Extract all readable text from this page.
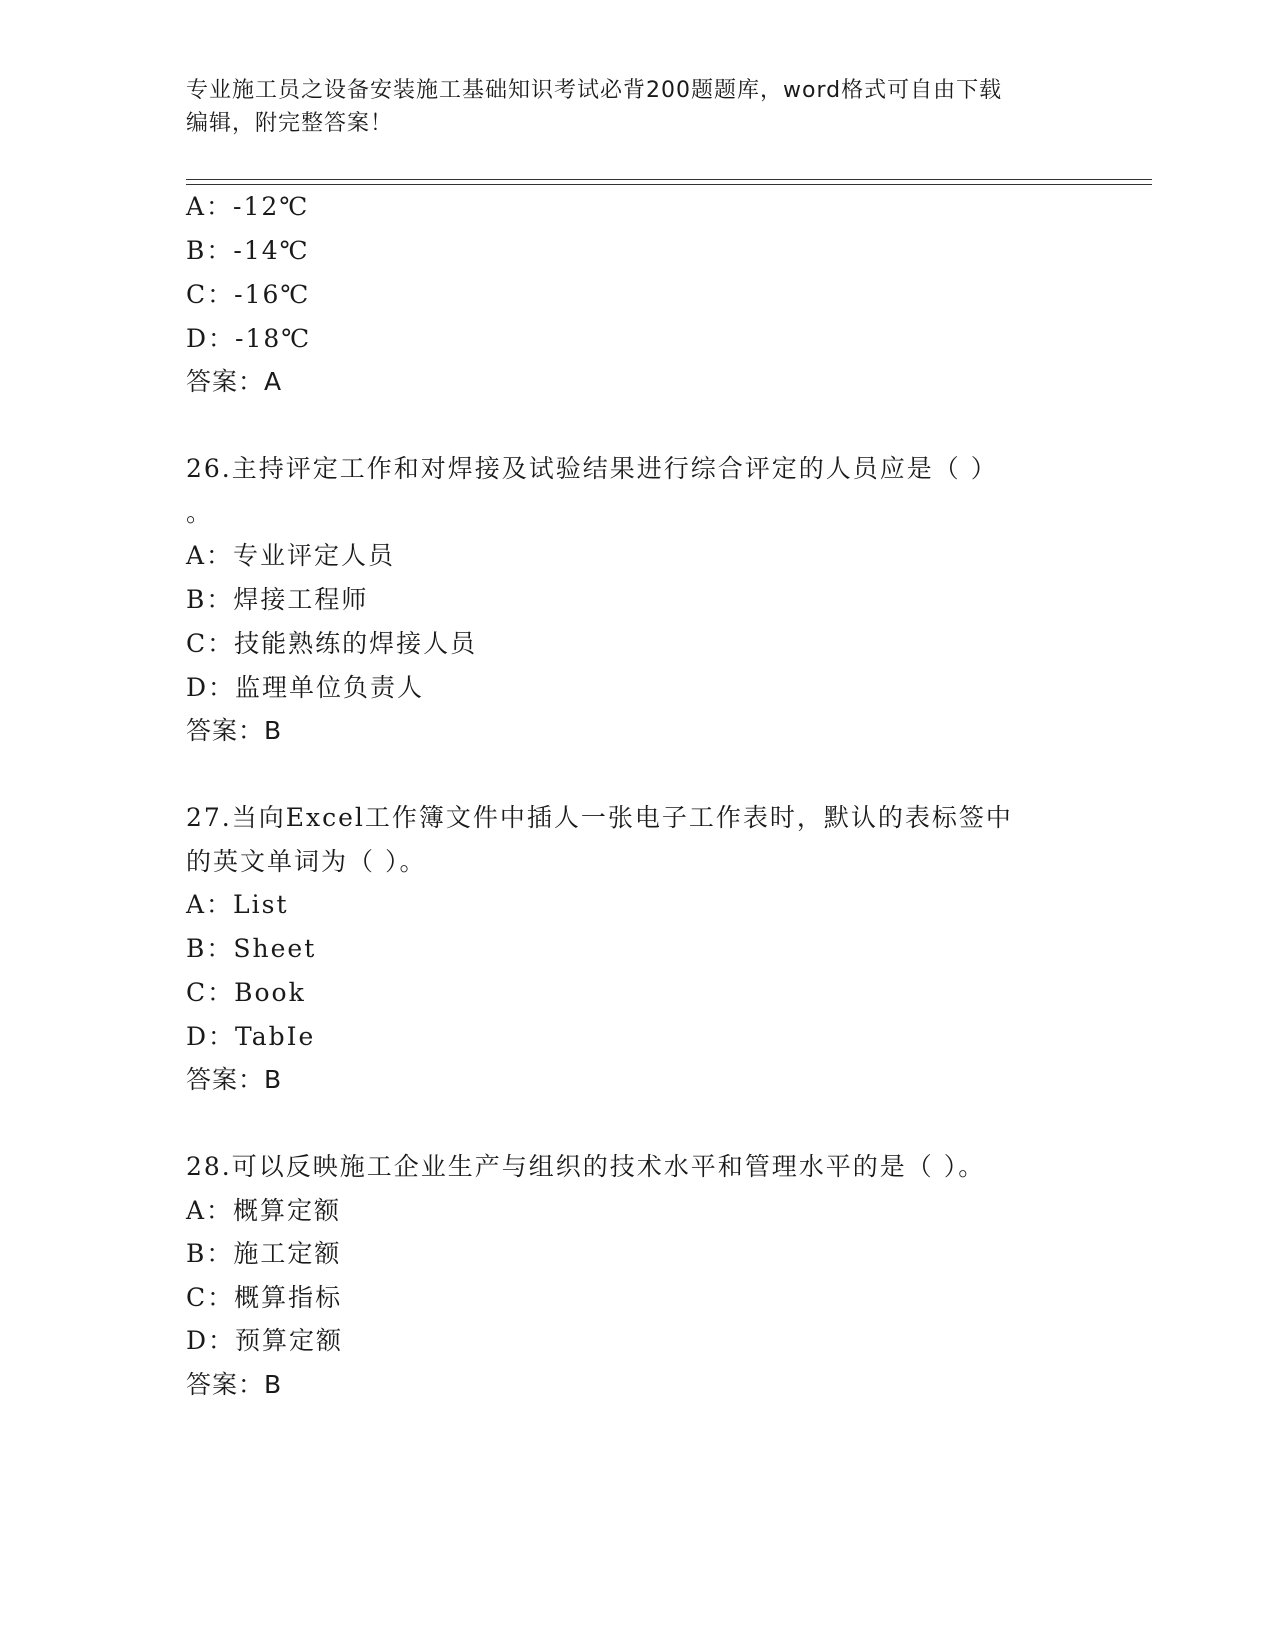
专业施工员之设备安装施工基础知识考试必背200题题库，word格式可自由下载
编辑，附完整答案！
A：-12℃
B：-14℃
C：-16℃
D：-18℃
答案：A
26.主持评定工作和对焊接及试验结果进行综合评定的人员应是（ ）
。
A：专业评定人员
B：焊接工程师
C：技能熟练的焊接人员
D：监理单位负责人
答案：B
27.当向Excel工作簿文件中插人一张电子工作表时，默认的表标签中
的英文单词为（ ）。
A：List
B：Sheet
C：Book
D：TabIe
答案：B
28.可以反映施工企业生产与组织的技术水平和管理水平的是（ ）。
A：概算定额
B：施工定额
C：概算指标
D：预算定额
答案：B
